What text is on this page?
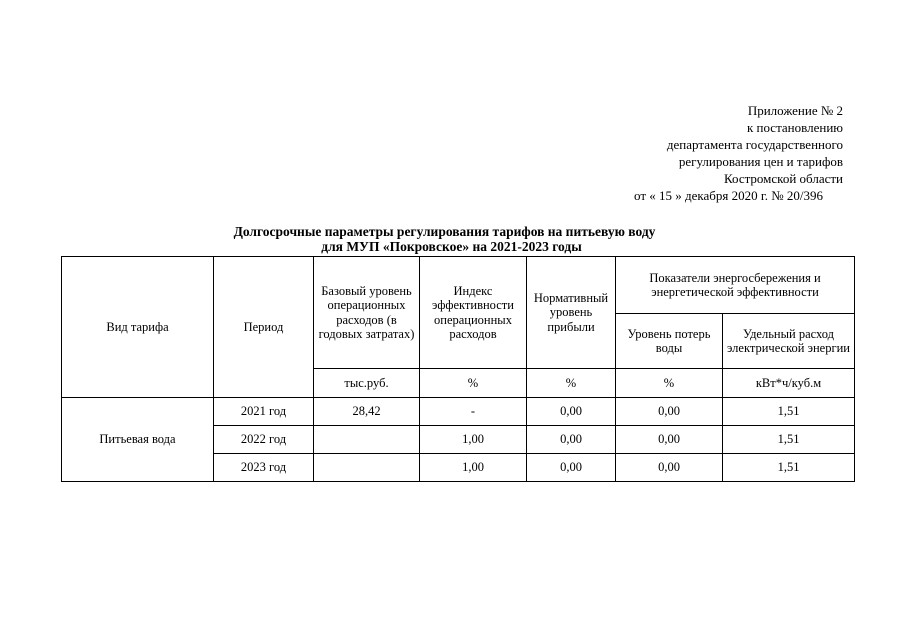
Приложение № 2
к постановлению
департамента государственного
регулирования цен и тарифов
Костромской области
от « 15 » декабря 2020 г. № 20/396
Долгосрочные параметры регулирования тарифов на питьевую воду
для МУП «Покровское» на 2021-2023 годы
Вид тарифа	Период	Базовый уровень операционных расходов (в годовых затратах)	Индекс эффективности операционных расходов	Нормативный уровень прибыли	Показатели энергосбережения и энергетической эффективности	
					Уровень потерь воды	Удельный расход электрической энергии
		тыс.руб.	%	%	%	кВт*ч/куб.м
Питьевая вода	2021 год	28,42	-	0,00	0,00	1,51
	2022 год		1,00	0,00	0,00	1,51
	2023 год		1,00	0,00	0,00	1,51
